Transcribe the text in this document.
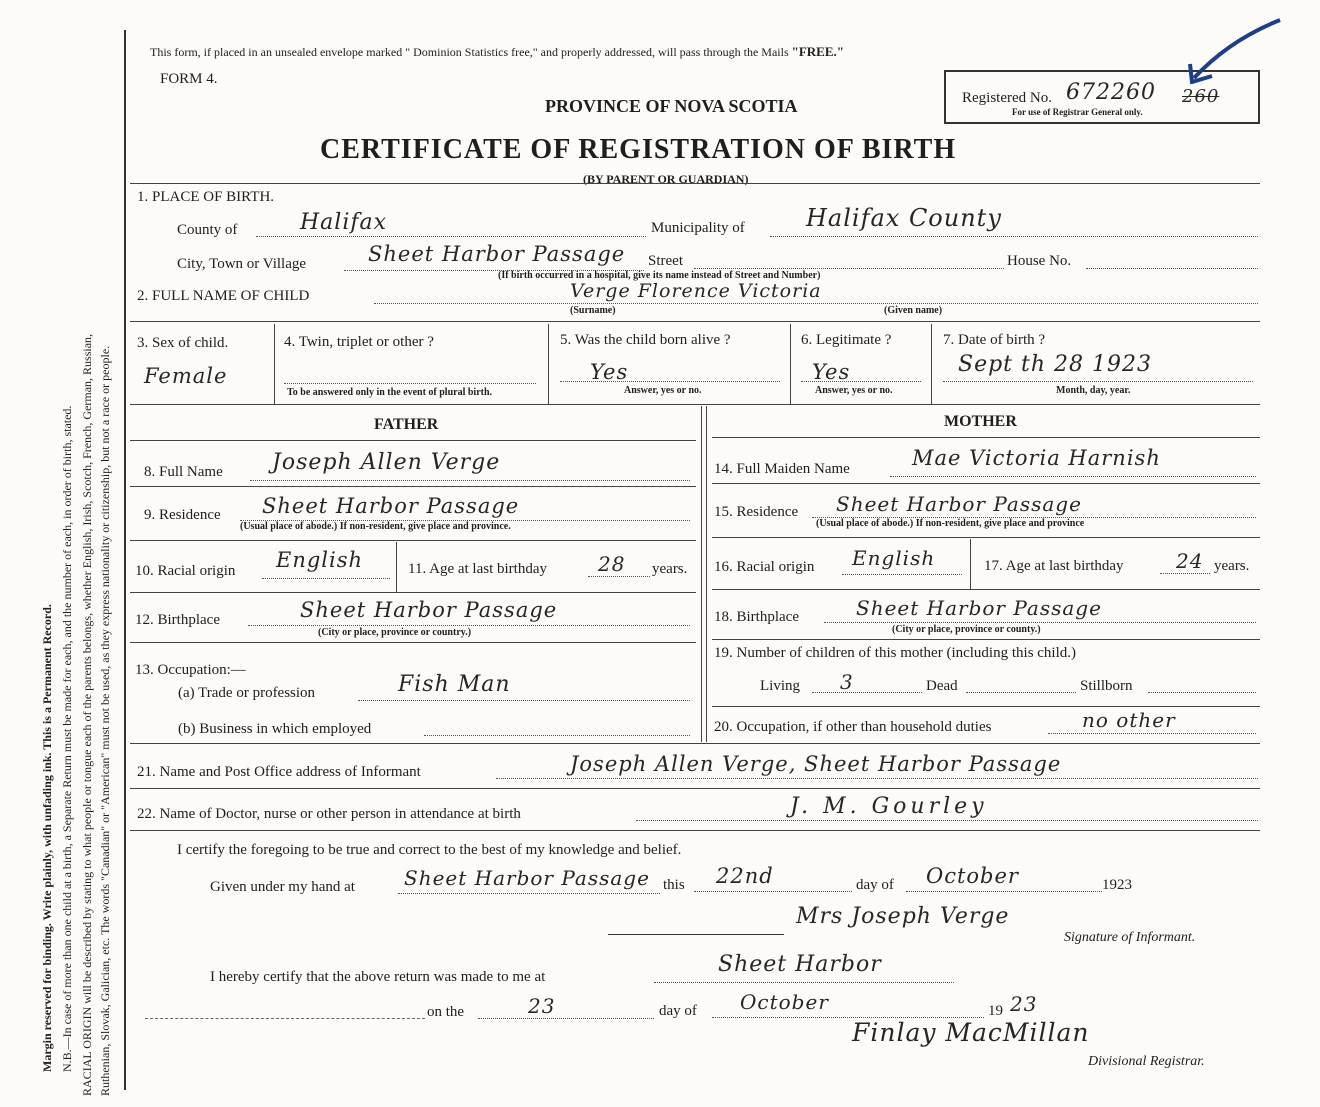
Margin reserved for binding. Write plainly, with unfading ink. This is a Permanent Record. N.B.—In case of more than one child at a birth, a Separate Return must be made for each, and the number of each, in order of birth, stated. RACIAL ORIGIN will be described by stating to what people or tongue each of the parents belongs, whether English, Irish, Scotch, French, German, Russian, Ruthenian, Slovak, Galician, etc. The words "Canadian" or "American" must not be used, as they express nationality or citizenship, but not a race or people.
This form, if placed in an unsealed envelope marked " Dominion Statistics free," and properly addressed, will pass through the Mails "FREE."
FORM 4.
PROVINCE OF NOVA SCOTIA
CERTIFICATE OF REGISTRATION OF BIRTH
(BY PARENT OR GUARDIAN)
Registered No. 672260 260
For use of Registrar General only.
1. PLACE OF BIRTH.
County of	Halifax	Municipality of	Halifax County
City, Town or Village	Sheet Harbor Passage Street	House No.
(If birth occurred in a hospital, give its name instead of Street and Number)
2. FULL NAME OF CHILD	Verge Florence Victoria
(Surname)	(Given name)
3. Sex of child.
Female
4. Twin, triplet or other ?
To be answered only in the event of plural birth.
5. Was the child born alive ?
Yes
Answer, yes or no.
6. Legitimate ?
Yes
Answer, yes or no.
7. Date of birth ?
Sept th 28 1923
Month, day, year.
FATHER	MOTHER
8. Full Name Joseph Allen Verge
9. Residence Sheet Harbor Passage
(Usual place of abode.) If non-resident, give place and province.
10. Racial origin English	11. Age at last birthday	28 years.
12. Birthplace	Sheet Harbor Passage
(City or place, province or country.)
13. Occupation:—
(a) Trade or profession	Fish Man
(b) Business in which employed
14. Full Maiden Name	Mae Victoria Harnish
15. Residence Sheet Harbor Passage
(Usual place of abode.) If non-resident, give place and province
16. Racial origin English	17. Age at last birthday	24 years.
18. Birthplace	Sheet Harbor Passage
(City or place, province or county.)
19. Number of children of this mother (including this child.)
Living 3	Dead	Stillborn
20. Occupation, if other than household duties	no other
21. Name and Post Office address of Informant	Joseph Allen Verge, Sheet Harbor Passage
22. Name of Doctor, nurse or other person in attendance at birth	J. M. Gourley
I certify the foregoing to be true and correct to the best of my knowledge and belief.
Given under my hand at Sheet Harbor Passage this 22nd	day of October	1923
Mrs Joseph Verge
Signature of Informant.
I hereby certify that the above return was made to me at	Sheet Harbor
on the	23	day of October	19 23
Finlay MacMillan
Divisional Registrar.
